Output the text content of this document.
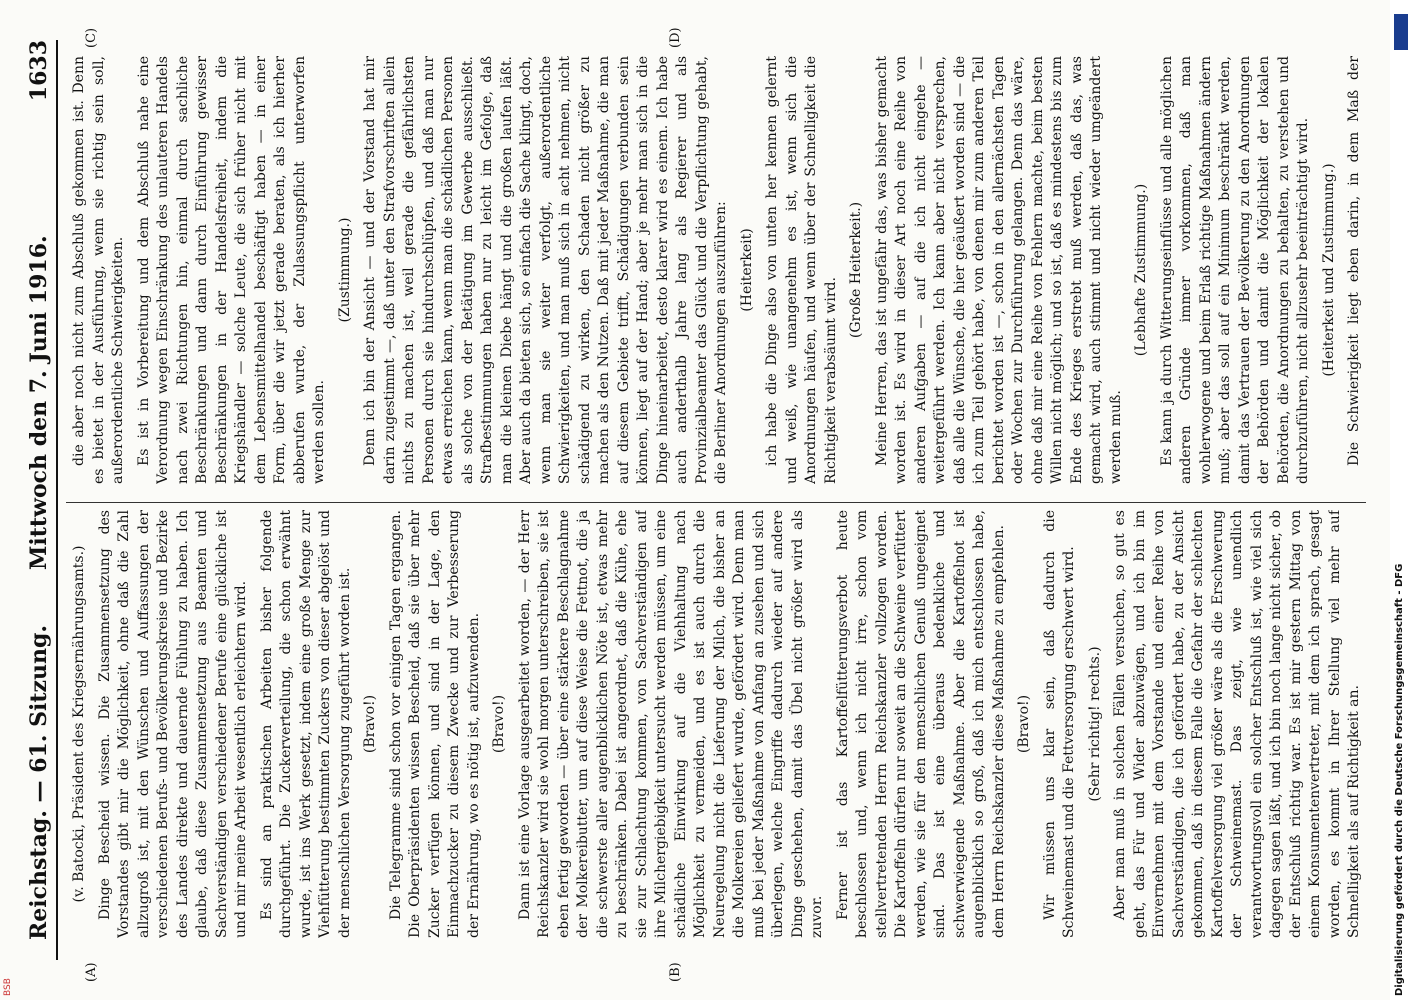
Reichstag. — 61. Sitzung.
Mittwoch den 7. Juni 1916.
1633
(A)	(B)
(C)	(D)

(v. Batocki, Präsident des Kriegsernährungsamts.) Dinge Bescheid wissen. Die Zusammensetzung des Vorstandes gibt mir die Möglichkeit, ohne daß die Zahl allzugroß ist, mit den Wünschen und Auffassungen der verschiedenen Berufs- und Bevölkerungskreise und Bezirke des Landes direkte und dauernde Fühlung zu haben. Ich glaube, daß diese Zusammensetzung aus Beamten und Sachverständigen verschiedener Berufe eine glückliche ist und mir meine Arbeit wesentlich erleichtern wird. Es sind an praktischen Arbeiten bisher folgende durchgeführt. Die Zuckerverteilung, die schon erwähnt wurde, ist ins Werk gesetzt, indem eine große Menge zur Viehfütterung bestimmten Zuckers von dieser abgelöst und der menschlichen Versorgung zugeführt worden ist. (Bravo!) Die Telegramme sind schon vor einigen Tagen ergangen. Die Oberpräsidenten wissen Bescheid, daß sie über mehr Zucker verfügen können, und sind in der Lage, den Einmachzucker zu diesem Zwecke und zur Verbesserung der Ernährung, wo es nötig ist, aufzuwenden. (Bravo!) Dann ist eine Vorlage ausgearbeitet worden, — der Herr Reichskanzler wird sie wohl morgen unterschreiben, sie ist eben fertig geworden — über eine stärkere Beschlagnahme der Molkereibutter, um auf diese Weise die Fettnot, die ja die schwerste aller augenblicklichen Nöte ist, etwas mehr zu beschränken. Dabei ist angeordnet, daß die Kühe, ehe sie zur Schlachtung kommen, von Sachverständigen auf ihre Milchergiebigkeit untersucht werden müssen, um eine schädliche Einwirkung auf die Viehhaltung nach Möglichkeit zu vermeiden, und es ist auch durch die Neuregelung nicht die Lieferung der Milch, die bisher an die Molkereien geliefert wurde, gefördert wird. Denn man muß bei jeder Maßnahme von Anfang an zusehen und sich überlegen, welche Eingriffe dadurch wieder auf andere Dinge geschehen, damit das Übel nicht größer wird als zuvor. Ferner ist das Kartoffelfütterungsverbot heute beschlossen und, wenn ich nicht irre, schon vom stellvertretenden Herrn Reichskanzler vollzogen worden. Die Kartoffeln dürfen nur soweit an die Schweine verfüttert werden, wie sie für den menschlichen Genuß ungeeignet sind. Das ist eine überaus bedenkliche und schwerwiegende Maßnahme. Aber die Kartoffelnot ist augenblicklich so groß, daß ich mich entschlossen habe, dem Herrn Reichskanzler diese Maßnahme zu empfehlen. (Bravo!) Wir müssen uns klar sein, daß dadurch die Schweinemast und die Fettversorgung erschwert wird. (Sehr richtig! rechts.) Aber man muß in solchen Fällen versuchen, so gut es geht, das Für und Wider abzuwägen, und ich bin im Einvernehmen mit dem Vorstande und einer Reihe von Sachverständigen, die ich gefördert habe, zu der Ansicht gekommen, daß in diesem Falle die Gefahr der schlechten Kartoffelversorgung viel größer wäre als die Erschwerung der Schweinemast. Das zeigt, wie unendlich verantwortungsvoll ein solcher Entschluß ist, wie viel sich dagegen sagen läßt, und ich bin noch lange nicht sicher, ob der Entschluß richtig war. Es ist mir gestern Mittag von einem Konsumentenvertreter, mit dem ich sprach, gesagt worden, es kommt in Ihrer Stellung viel mehr auf Schnelligkeit als auf Richtigkeit an.

die aber noch nicht zum Abschluß gekommen ist. Denn es bietet in der Ausführung, wenn sie richtig sein soll, außerordentliche Schwierigkeiten. Es ist in Vorbereitung und dem Abschluß nahe eine Verordnung wegen Einschränkung des unlauteren Handels nach zwei Richtungen hin, einmal durch sachliche Beschränkungen und dann durch Einführung gewisser Beschränkungen in der Handelsfreiheit, indem die Kriegshändler — solche Leute, die sich früher nicht mit dem Lebensmittelhandel beschäftigt haben — in einer Form, über die wir jetzt gerade beraten, als ich hierher abberufen wurde, der Zulassungspflicht unterworfen werden sollen.

(Zustimmung.) Denn ich bin der Ansicht — und der Vorstand hat mir darin zugestimmt —, daß unter den Strafvorschriften allein nichts zu machen ist, weil gerade die gefährlichsten Personen durch sie hindurchschlüpfen, und daß man nur etwas erreichen kann, wenn man die schädlichen Personen als solche von der Betätigung im Gewerbe ausschließt. Strafbestimmungen haben nur zu leicht im Gefolge, daß man die kleinen Diebe hängt und die großen laufen läßt. Aber auch da bieten sich, so einfach die Sache klingt, doch, wenn man sie weiter verfolgt, außerordentliche Schwierigkeiten, und man muß sich in acht nehmen, nicht schädigend zu wirken, den Schaden nicht größer zu machen als den Nutzen. Daß mit jeder Maßnahme, die man auf diesem Gebiete trifft, Schädigungen verbunden sein können, liegt auf der Hand; aber je mehr man sich in die Dinge hineinarbeitet, desto klarer wird es einem. Ich habe auch anderthalb Jahre lang als Regierer und als Provinzialbeamter das Glück und die Verpflichtung gehabt, die Berliner Anordnungen auszuführen: (Heiterkeit) ich habe die Dinge also von unten her kennen gelernt und weiß, wie unangenehm es ist, wenn sich die Anordnungen häufen, und wenn über der Schnelligkeit die Richtigkeit verabsäumt wird.

(Große Heiterkeit.) Meine Herren, das ist ungefähr das, was bisher gemacht worden ist. Es wird in dieser Art noch eine Reihe von anderen Aufgaben — auf die ich nicht eingehe — weitergeführt werden. Ich kann aber nicht versprechen, daß alle die Wünsche, die hier geäußert worden sind — die ich zum Teil gehört habe, von denen mir zum anderen Teil berichtet worden ist —, schon in den allernächsten Tagen oder Wochen zur Durchführung gelangen. Denn das wäre, ohne daß mir eine Reihe von Fehlern machte, beim besten Willen nicht möglich; und so ist, daß es mindestens bis zum Ende des Krieges erstrebt muß werden, daß das, was gemacht wird, auch stimmt und nicht wieder umgeändert werden muß.

(Lebhafte Zustimmung.) Es kann ja durch Witterungseinflüsse und alle möglichen anderen Gründe immer vorkommen, daß man wohlerwogene und beim Erlaß richtige Maßnahmen ändern muß; aber das soll auf ein Minimum beschränkt werden, damit das Vertrauen der Bevölkerung zu den Anordnungen der Behörden und damit die Möglichkeit der lokalen Behörden, die Anordnungen zu behalten, zu verstehen und durchzuführen, nicht allzusehr beeinträchtigt wird. (Heiterkeit und Zustimmung.)

Die Schwierigkeit liegt eben darin, in dem Maß der

Digitalisierung gefördert durch die Deutsche Forschungsgemeinschaft - DFG
BSB
